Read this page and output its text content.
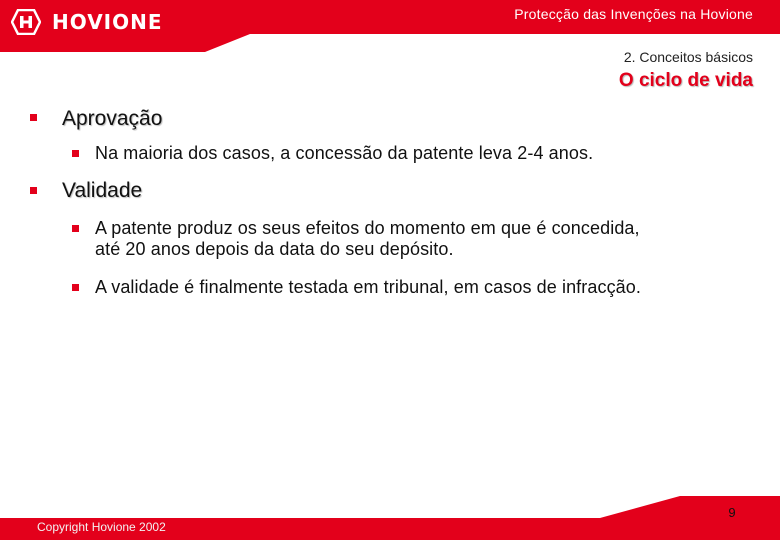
HOVIONE	Protecção das Invenções na Hovione
2. Conceitos básicos
O ciclo de vida
Aprovação
Na maioria dos casos, a concessão da patente leva 2-4 anos.
Validade
A patente produz os seus efeitos do momento em que é concedida,
até 20 anos depois da data do seu depósito.
A validade é finalmente testada em tribunal, em casos de infracção.
Copyright Hovione 2002
9
